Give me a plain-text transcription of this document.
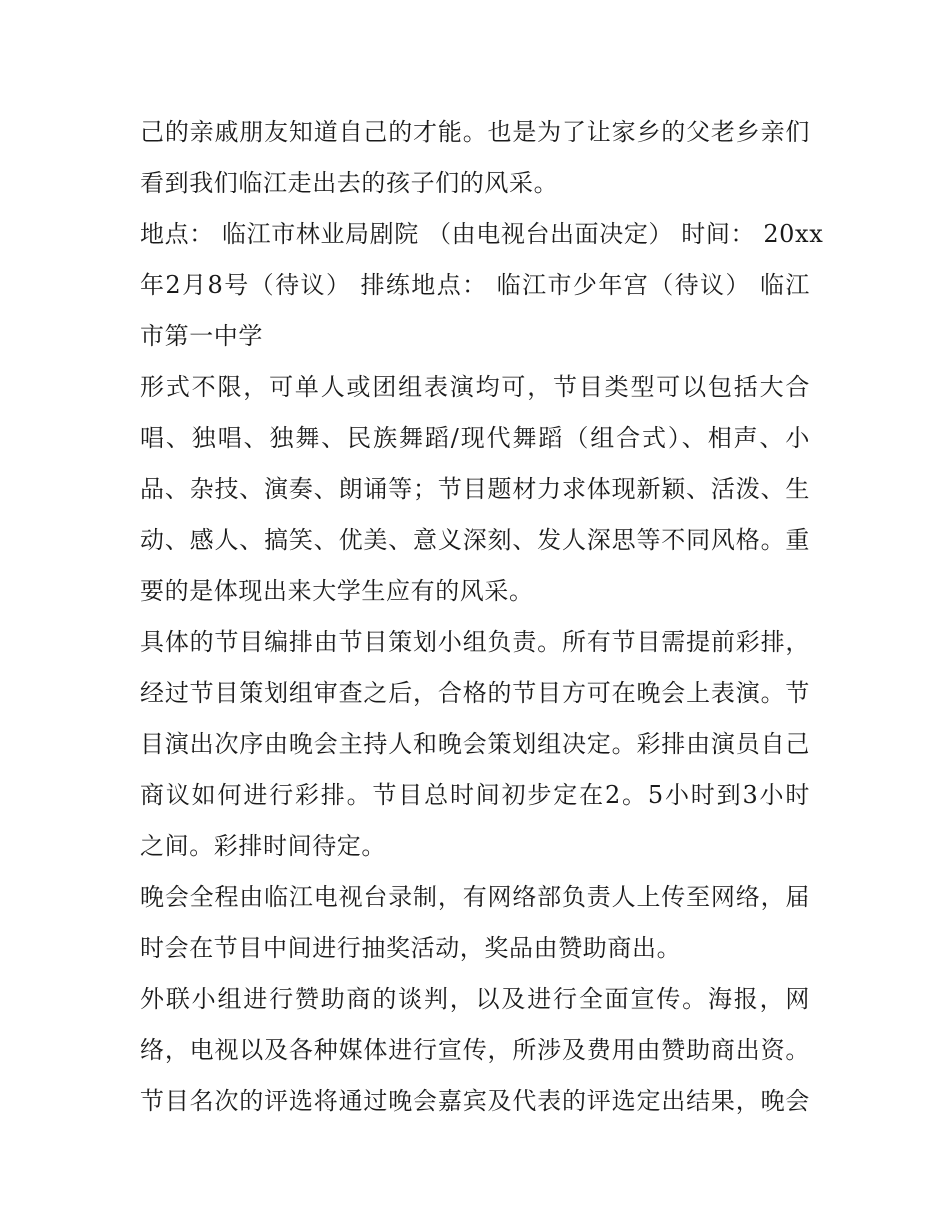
己的亲戚朋友知道自己的才能。也是为了让家乡的父老乡亲们
看到我们临江走出去的孩子们的风采。
地点： 临江市林业局剧院 （由电视台出面决定） 时间： 20xx
年2月8号（待议） 排练地点： 临江市少年宫（待议） 临江
市第一中学
形式不限，可单人或团组表演均可，节目类型可以包括大合
唱、独唱、独舞、民族舞蹈/现代舞蹈（组合式）、相声、小
品、杂技、演奏、朗诵等；节目题材力求体现新颖、活泼、生
动、感人、搞笑、优美、意义深刻、发人深思等不同风格。重
要的是体现出来大学生应有的风采。
具体的节目编排由节目策划小组负责。所有节目需提前彩排，
经过节目策划组审查之后，合格的节目方可在晚会上表演。节
目演出次序由晚会主持人和晚会策划组决定。彩排由演员自己
商议如何进行彩排。节目总时间初步定在2。5小时到3小时
之间。彩排时间待定。
晚会全程由临江电视台录制，有网络部负责人上传至网络，届
时会在节目中间进行抽奖活动，奖品由赞助商出。
外联小组进行赞助商的谈判，以及进行全面宣传。海报，网
络，电视以及各种媒体进行宣传，所涉及费用由赞助商出资。
节目名次的评选将通过晚会嘉宾及代表的评选定出结果，晚会
